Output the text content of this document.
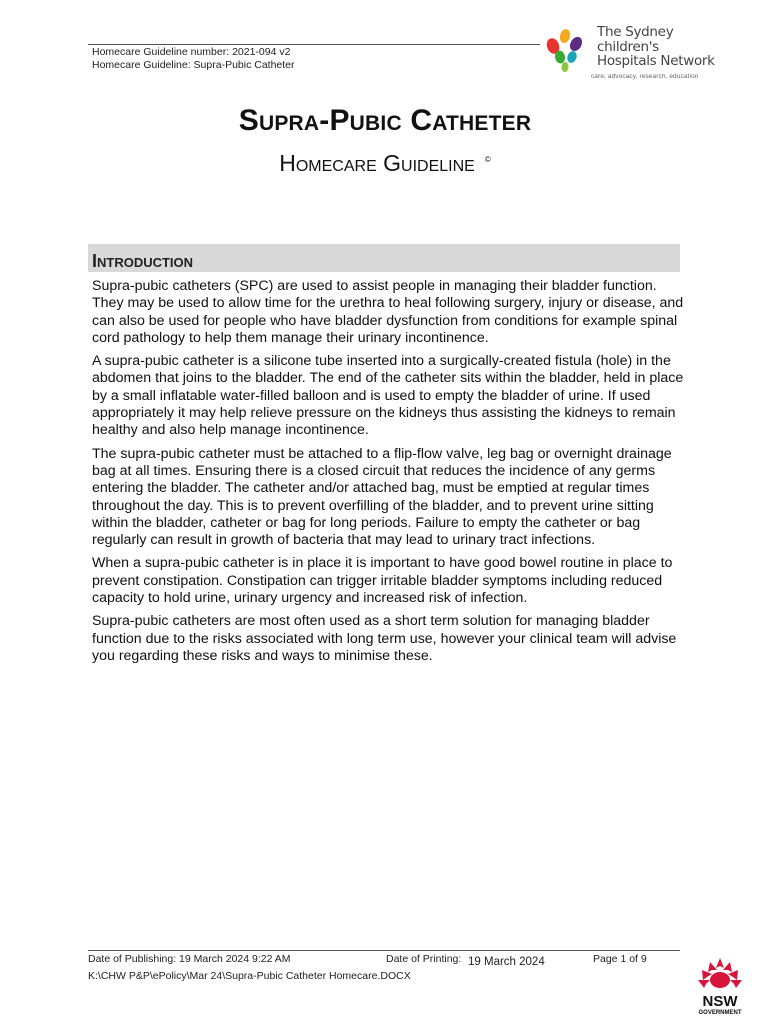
Homecare Guideline number: 2021-094 v2
Homecare Guideline: Supra-Pubic Catheter
The Sydney
children's
Hospitals Network
care, advocacy, research, education
Supra-Pubic Catheter
Homecare Guideline ©
Introduction

Supra-pubic catheters (SPC) are used to assist people in managing their bladder function. They may be used to allow time for the urethra to heal following surgery, injury or disease, and can also be used for people who have bladder dysfunction from conditions for example spinal cord pathology to help them manage their urinary incontinence.

A supra-pubic catheter is a silicone tube inserted into a surgically-created fistula (hole) in the abdomen that joins to the bladder. The end of the catheter sits within the bladder, held in place by a small inflatable water-filled balloon and is used to empty the bladder of urine. If used appropriately it may help relieve pressure on the kidneys thus assisting the kidneys to remain healthy and also help manage incontinence.

The supra-pubic catheter must be attached to a flip-flow valve, leg bag or overnight drainage bag at all times. Ensuring there is a closed circuit that reduces the incidence of any germs entering the bladder. The catheter and/or attached bag, must be emptied at regular times throughout the day. This is to prevent overfilling of the bladder, and to prevent urine sitting within the bladder, catheter or bag for long periods. Failure to empty the catheter or bag regularly can result in growth of bacteria that may lead to urinary tract infections.

When a supra-pubic catheter is in place it is important to have good bowel routine in place to prevent constipation. Constipation can trigger irritable bladder symptoms including reduced capacity to hold urine, urinary urgency and increased risk of infection.

Supra-pubic catheters are most often used as a short term solution for managing bladder function due to the risks associated with long term use, however your clinical team will advise you regarding these risks and ways to minimise these.

Date of Publishing: 19 March 2024 9:22 AM	Date of Printing: 19 March 2024	Page 1 of 9
K:\CHW P&P\ePolicy\Mar 24\Supra-Pubic Catheter Homecare.DOCX
NSW
GOVERNMENT
